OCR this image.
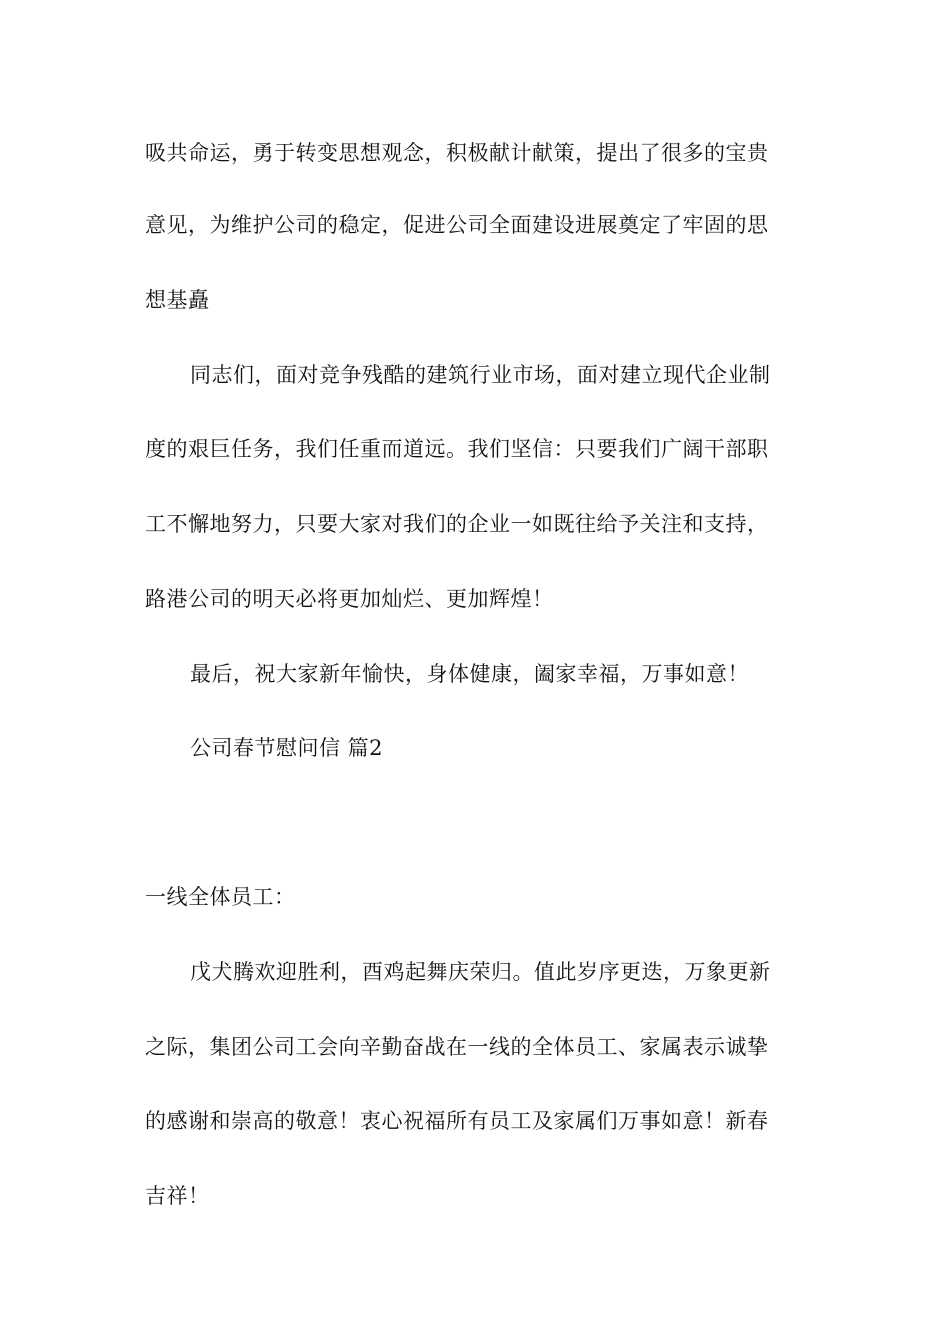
吸共命运，勇于转变思想观念，积极献计献策，提出了很多的宝贵
意见，为维护公司的稳定，促进公司全面建设进展奠定了牢固的思
想基矗
同志们，面对竞争残酷的建筑行业市场，面对建立现代企业制
度的艰巨任务，我们任重而道远。我们坚信：只要我们广阔干部职
工不懈地努力，只要大家对我们的企业一如既往给予关注和支持，
路港公司的明天必将更加灿烂、更加辉煌！
最后，祝大家新年愉快，身体健康，阖家幸福，万事如意！
公司春节慰问信 篇2
一线全体员工：
戊犬腾欢迎胜利，酉鸡起舞庆荣归。值此岁序更迭，万象更新
之际，集团公司工会向辛勤奋战在一线的全体员工、家属表示诚挚
的感谢和崇高的敬意！衷心祝福所有员工及家属们万事如意！新春
吉祥！
